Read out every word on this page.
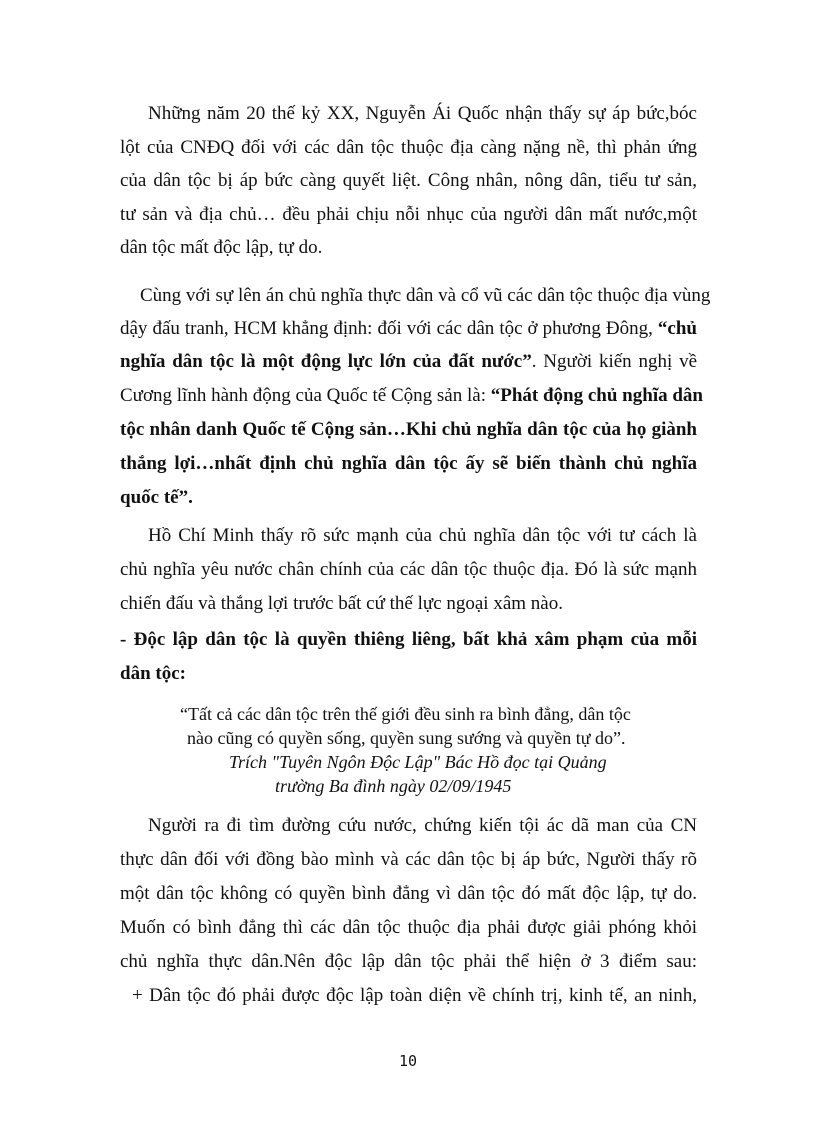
“Tất cả các dân tộc trên thế giới đều sinh ra bình đẳng, dân tộc
nào cũng có quyền sống, quyền sung sướng và quyền tự do”.
Trích "Tuyên Ngôn Độc Lập" Bác Hồ đọc tại Quảng
trường Ba đình ngày 02/09/1945
10
Những năm 20 thế kỷ XX, Nguyễn Ái Quốc nhận thấy sự áp bức,bóc
lột của CNĐQ đối với các dân tộc thuộc địa càng nặng nề, thì phản ứng
của dân tộc bị áp bức càng quyết liệt. Công nhân, nông dân, tiểu tư sản,
tư sản và địa chủ… đều phải chịu nỗi nhục của người dân mất nước,một
dân tộc mất độc lập, tự do.
Cùng với sự lên án chủ nghĩa thực dân và cổ vũ các dân tộc thuộc địa vùng
dậy đấu tranh, HCM khẳng định: đối với các dân tộc ở phương Đông, “chủ
nghĩa dân tộc là một động lực lớn của đất nước”. Người kiến nghị về
Cương lĩnh hành động của Quốc tế Cộng sản là: “Phát động chủ nghĩa dân
tộc nhân danh Quốc tế Cộng sản…Khi chủ nghĩa dân tộc của họ giành
thắng lợi…nhất định chủ nghĩa dân tộc ấy sẽ biến thành chủ nghĩa
quốc tế”.
Hồ Chí Minh thấy rõ sức mạnh của chủ nghĩa dân tộc với tư cách là
chủ nghĩa yêu nước chân chính của các dân tộc thuộc địa. Đó là sức mạnh
chiến đấu và thắng lợi trước bất cứ thế lực ngoại xâm nào.
- Độc lập dân tộc là quyền thiêng liêng, bất khả xâm phạm của mỗi
dân tộc:
Người ra đi tìm đường cứu nước, chứng kiến tội ác dã man của CN
thực dân đối với đồng bào mình và các dân tộc bị áp bức, Người thấy rõ
một dân tộc không có quyền bình đẳng vì dân tộc đó mất độc lập, tự do.
Muốn có bình đẳng thì các dân tộc thuộc địa phải được giải phóng khỏi
chủ nghĩa thực dân.Nên độc lập dân tộc phải thể hiện ở 3 điểm sau:
+ Dân tộc đó phải được độc lập toàn diện về chính trị, kinh tế, an ninh,
